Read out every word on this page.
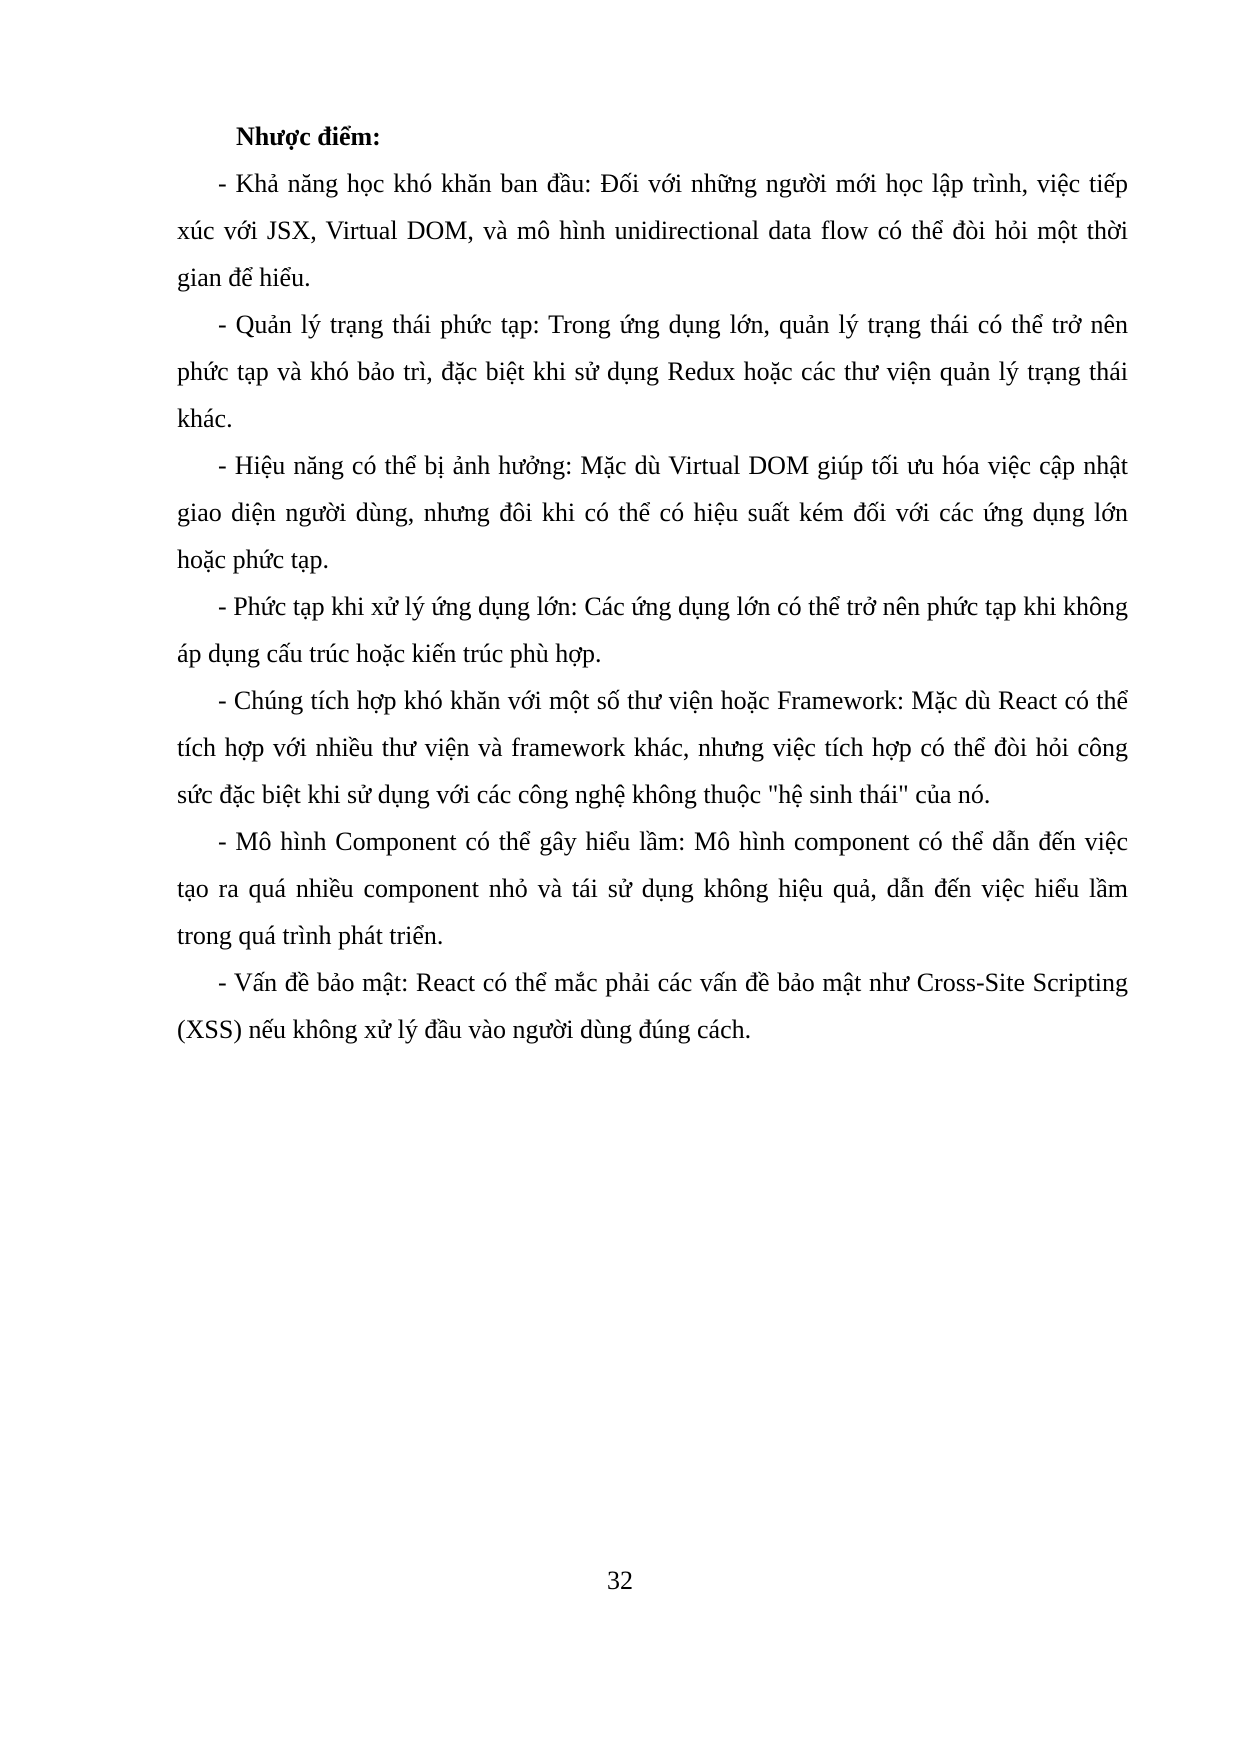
Nhược điểm:

- Khả năng học khó khăn ban đầu: Đối với những người mới học lập trình, việc tiếp xúc với JSX, Virtual DOM, và mô hình unidirectional data flow có thể đòi hỏi một thời gian để hiểu.

- Quản lý trạng thái phức tạp: Trong ứng dụng lớn, quản lý trạng thái có thể trở nên phức tạp và khó bảo trì, đặc biệt khi sử dụng Redux hoặc các thư viện quản lý trạng thái khác.

- Hiệu năng có thể bị ảnh hưởng: Mặc dù Virtual DOM giúp tối ưu hóa việc cập nhật giao diện người dùng, nhưng đôi khi có thể có hiệu suất kém đối với các ứng dụng lớn hoặc phức tạp.

- Phức tạp khi xử lý ứng dụng lớn: Các ứng dụng lớn có thể trở nên phức tạp khi không áp dụng cấu trúc hoặc kiến trúc phù hợp.

- Chúng tích hợp khó khăn với một số thư viện hoặc Framework: Mặc dù React có thể tích hợp với nhiều thư viện và framework khác, nhưng việc tích hợp có thể đòi hỏi công sức đặc biệt khi sử dụng với các công nghệ không thuộc "hệ sinh thái" của nó.

- Mô hình Component có thể gây hiểu lầm: Mô hình component có thể dẫn đến việc tạo ra quá nhiều component nhỏ và tái sử dụng không hiệu quả, dẫn đến việc hiểu lầm trong quá trình phát triển.

- Vấn đề bảo mật: React có thể mắc phải các vấn đề bảo mật như Cross-Site Scripting (XSS) nếu không xử lý đầu vào người dùng đúng cách.

32
